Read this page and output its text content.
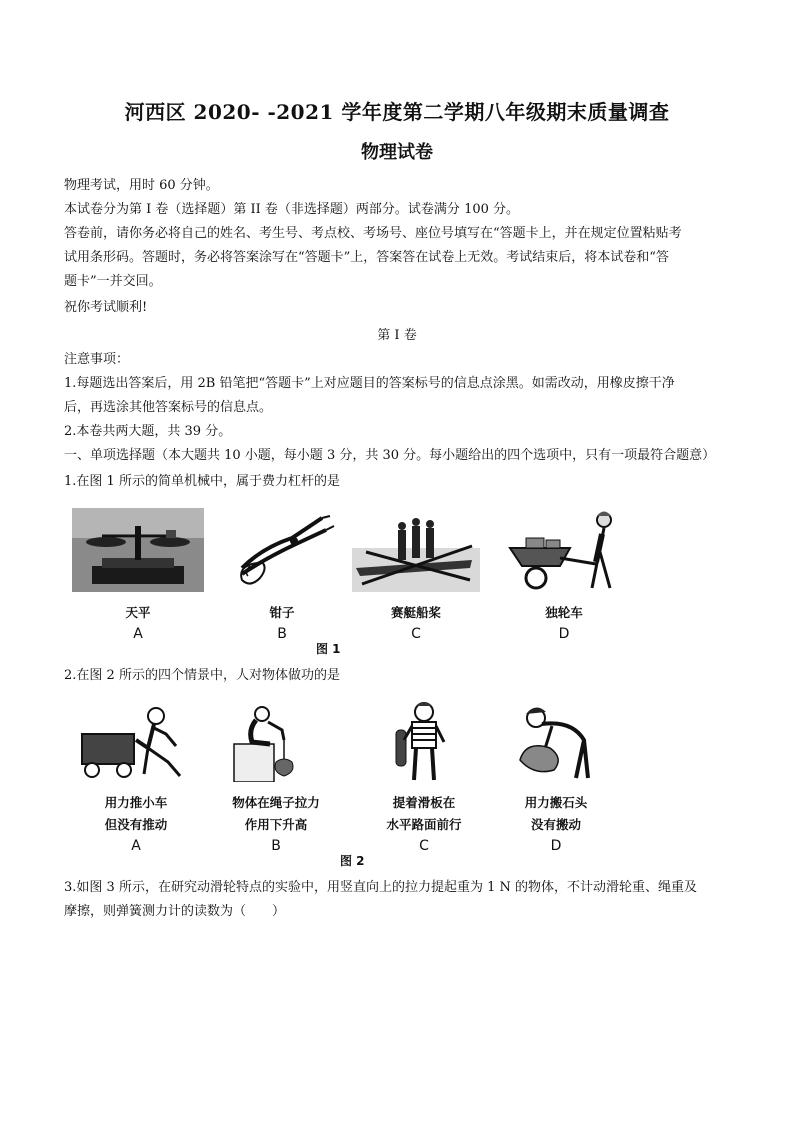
河西区 2020- -2021 学年度第二学期八年级期末质量调查
物理试卷

物理考试，用时 60 分钟。

本试卷分为第 I 卷（选择题）第 II 卷（非选择题）两部分。试卷满分 100 分。

答卷前，请你务必将自己的姓名、考生号、考点校、考场号、座位号填写在“答题卡上，并在规定位置粘贴考

试用条形码。答题时，务必将答案涂写在“答题卡”上，答案答在试卷上无效。考试结束后，将本试卷和“答

题卡”一并交回。

祝你考试顺利!

第 I 卷

注意事项：

1.每题选出答案后，用 2B 铅笔把“答题卡”上对应题目的答案标号的信息点涂黑。如需改动，用橡皮擦干净

后，再选涂其他答案标号的信息点。

2.本卷共两大题，共 39 分。

一、单项选择题（本大题共 10 小题，每小题 3 分，共 30 分。每小题给出的四个选项中，只有一项最符合题意）

1.在图 1 所示的简单机械中，属于费力杠杆的是

天平
A
钳子
B
赛艇船桨
C
独轮车
D
图 1

2.在图 2 所示的四个情景中，人对物体做功的是

用力推小车
但没有推动
A
物体在绳子拉力
作用下升高
B
提着滑板在
水平路面前行
C
用力搬石头
没有搬动
D
图 2

3.如图 3 所示，在研究动滑轮特点的实验中，用竖直向上的拉力提起重为 1 N 的物体，不计动滑轮重、绳重及

摩擦，则弹簧测力计的读数为（　　）
